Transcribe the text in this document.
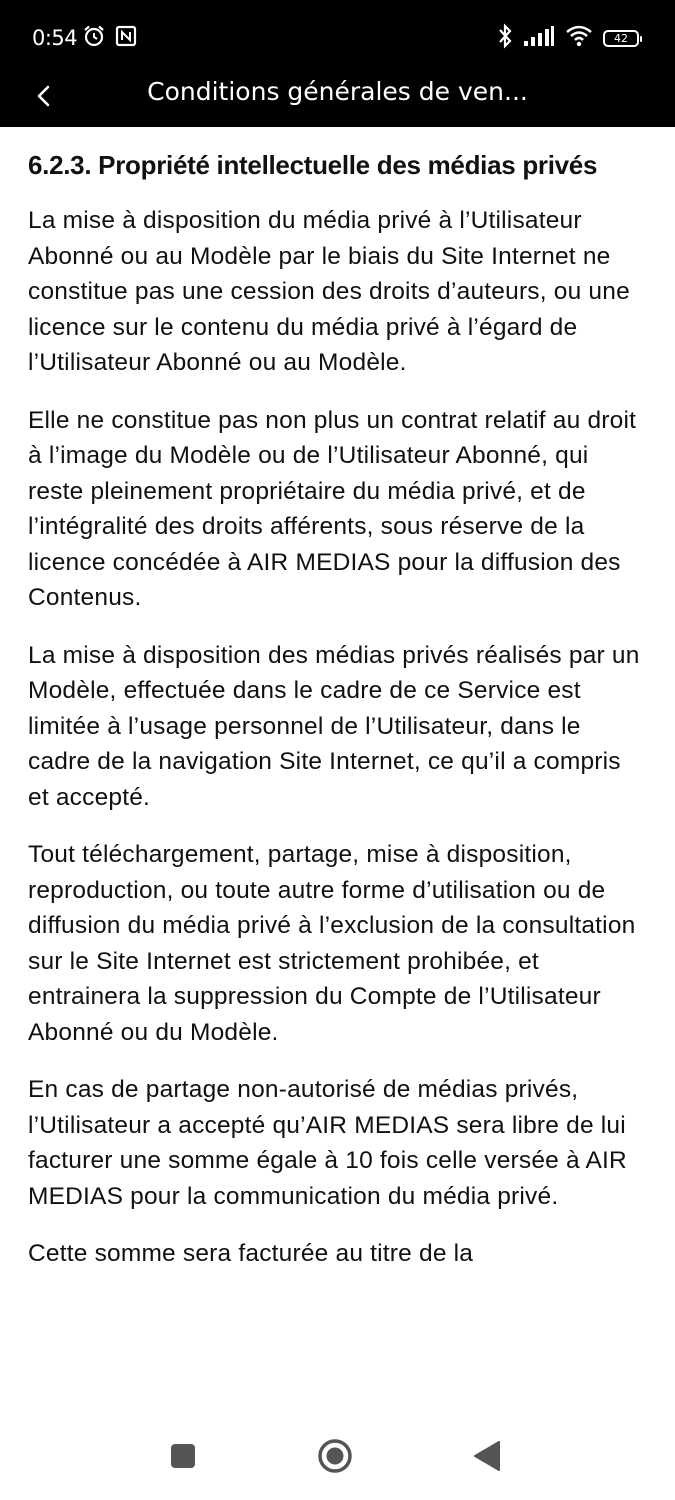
0:54	42
Conditions générales de ven...
6.2.3. Propriété intellectuelle des médias privés

La mise à disposition du média privé à l’Utilisateur Abonné ou au Modèle par le biais du Site Internet ne constitue pas une cession des droits d’auteurs, ou une licence sur le contenu du média privé à l’égard de l’Utilisateur Abonné ou au Modèle.

Elle ne constitue pas non plus un contrat relatif au droit à l’image du Modèle ou de l’Utilisateur Abonné, qui reste pleinement propriétaire du média privé, et de l’intégralité des droits afférents, sous réserve de la licence concédée à AIR MEDIAS pour la diffusion des Contenus.

La mise à disposition des médias privés réalisés par un Modèle, effectuée dans le cadre de ce Service est limitée à l’usage personnel de l’Utilisateur, dans le cadre de la navigation Site Internet, ce qu’il a compris et accepté.

Tout téléchargement, partage, mise à disposition, reproduction, ou toute autre forme d’utilisation ou de diffusion du média privé à l’exclusion de la consultation sur le Site Internet est strictement prohibée, et entrainera la suppression du Compte de l’Utilisateur Abonné ou du Modèle.

En cas de partage non-autorisé de médias privés, l’Utilisateur a accepté qu’AIR MEDIAS sera libre de lui facturer une somme égale à 10 fois celle versée à AIR MEDIAS pour la communication du média privé.

Cette somme sera facturée au titre de la
